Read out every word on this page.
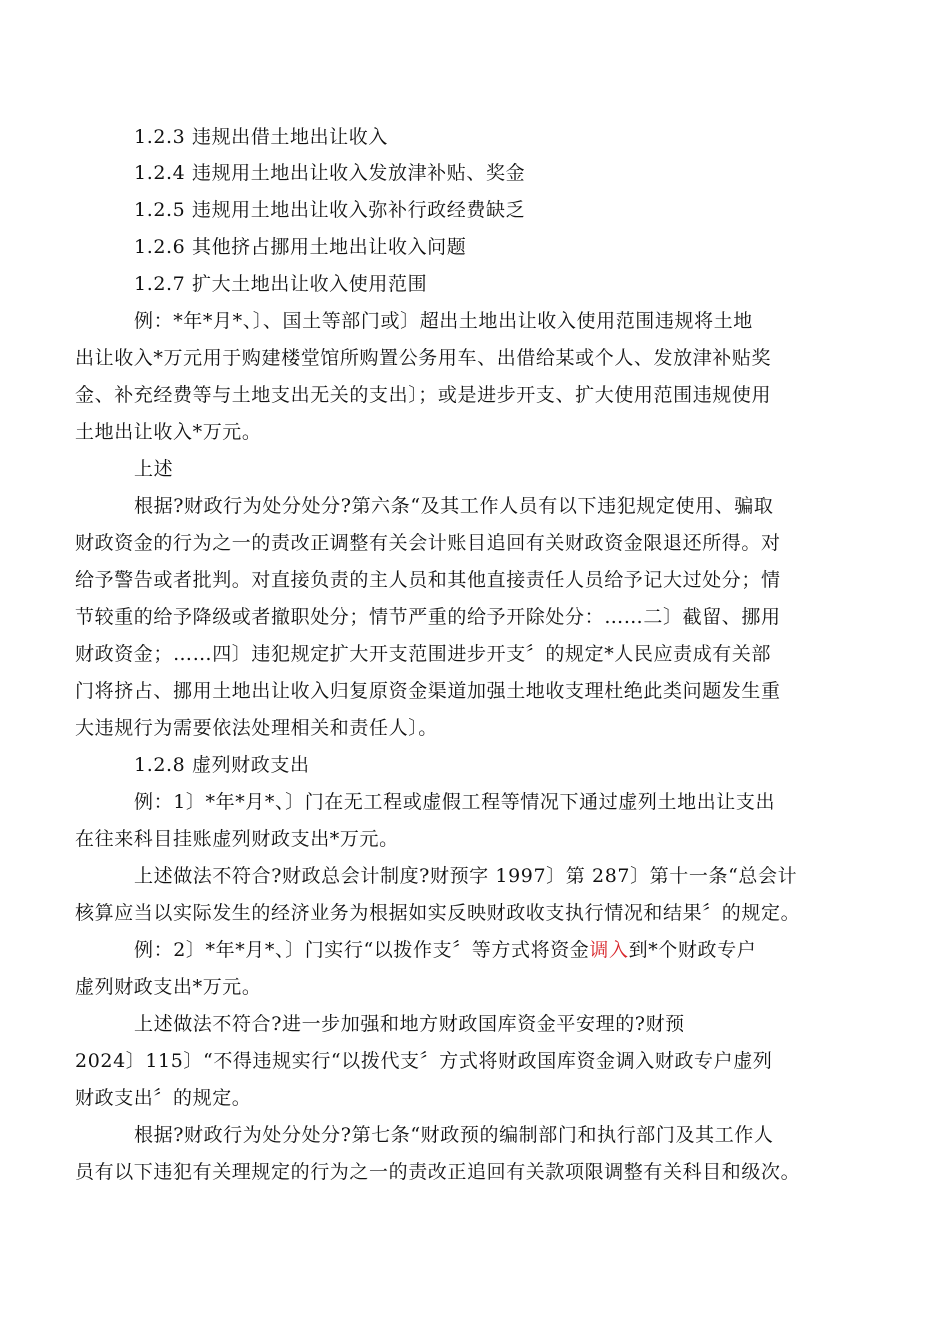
1.2.3 违规出借土地出让收入
1.2.4 违规用土地出让收入发放津补贴、奖金
1.2.5 违规用土地出让收入弥补行政经费缺乏
1.2.6 其他挤占挪用土地出让收入问题
1.2.7 扩大土地出让收入使用范围
例：*年*月*、〕、国土等部门或〕超出土地出让收入使用范围违规将土地
出让收入*万元用于购建楼堂馆所购置公务用车、出借给某或个人、发放津补贴奖
金、补充经费等与土地支出无关的支出〕；或是进步开支、扩大使用范围违规使用
土地出让收入*万元。
上述
根据?财政行为处分处分?第六条“及其工作人员有以下违犯规定使用、骗取
财政资金的行为之一的责改正调整有关会计账目追回有关财政资金限退还所得。对
给予警告或者批判。对直接负责的主人员和其他直接责任人员给予记大过处分；情
节较重的给予降级或者撤职处分；情节严重的给予开除处分：……二〕截留、挪用
财政资金；……四〕违犯规定扩大开支范围进步开支〞的规定*人民应责成有关部
门将挤占、挪用土地出让收入归复原资金渠道加强土地收支理杜绝此类问题发生重
大违规行为需要依法处理相关和责任人〕。
1.2.8 虚列财政支出
例：1〕*年*月*、〕门在无工程或虚假工程等情况下通过虚列土地出让支出
在往来科目挂账虚列财政支出*万元。
上述做法不符合?财政总会计制度?财预字 1997〕第 287〕第十一条“总会计
核算应当以实际发生的经济业务为根据如实反映财政收支执行情况和结果〞的规定。
例：2〕*年*月*、〕门实行“以拨作支〞等方式将资金调入到*个财政专户
虚列财政支出*万元。
上述做法不符合?进一步加强和地方财政国库资金平安理的?财预
2024〕115〕“不得违规实行“以拨代支〞方式将财政国库资金调入财政专户虚列
财政支出〞的规定。
根据?财政行为处分处分?第七条“财政预的编制部门和执行部门及其工作人
员有以下违犯有关理规定的行为之一的责改正追回有关款项限调整有关科目和级次。
